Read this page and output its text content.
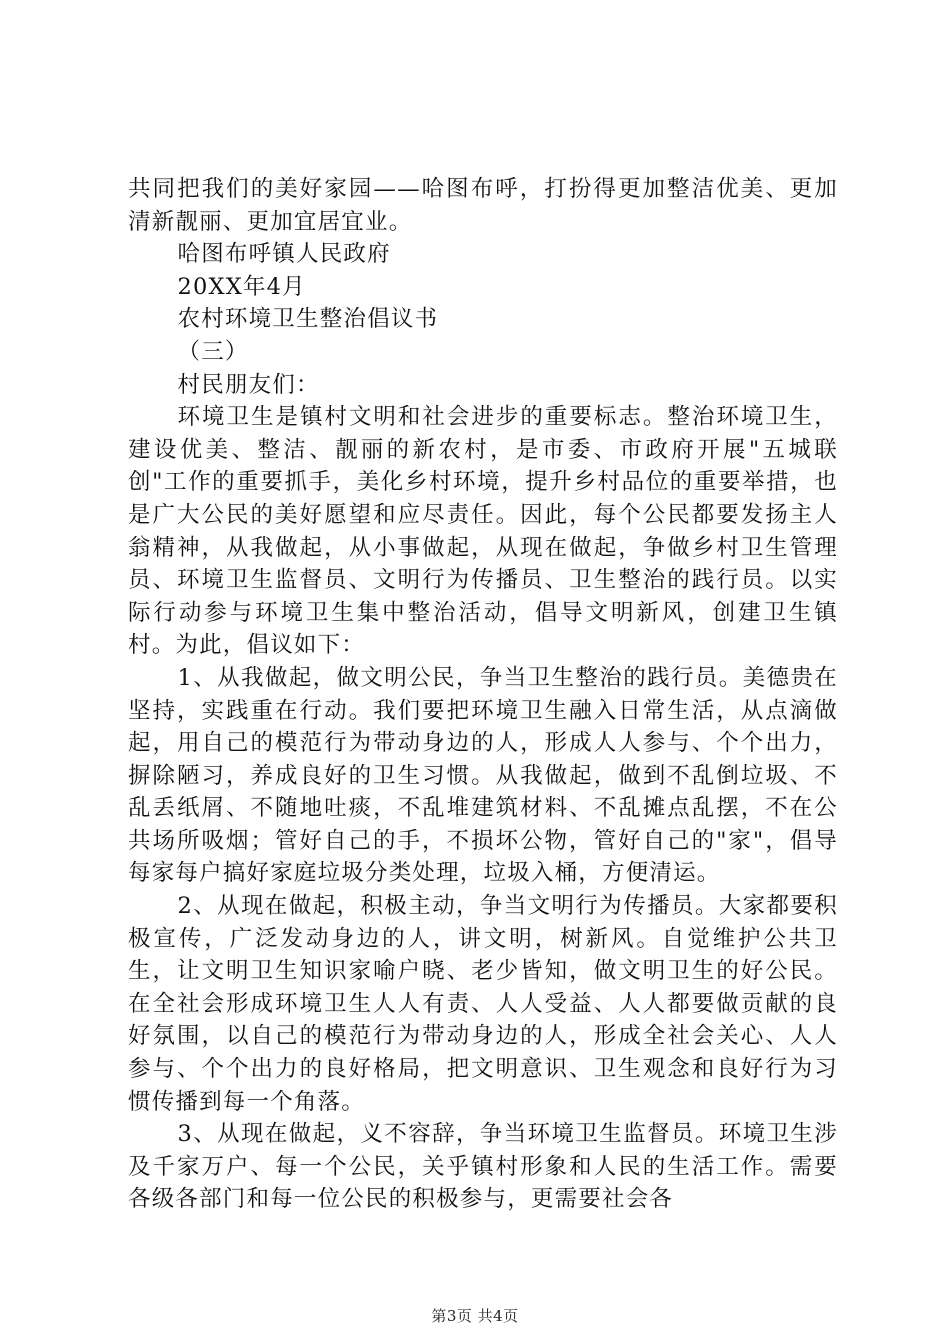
共同把我们的美好家园——哈图布呼，打扮得更加整洁优美、更加清新靓丽、更加宜居宜业。

哈图布呼镇人民政府

20XX年4月

农村环境卫生整治倡议书

（三）

村民朋友们：

环境卫生是镇村文明和社会进步的重要标志。整治环境卫生，建设优美、整洁、靓丽的新农村，是市委、市政府开展"五城联创"工作的重要抓手，美化乡村环境，提升乡村品位的重要举措，也是广大公民的美好愿望和应尽责任。因此，每个公民都要发扬主人翁精神，从我做起，从小事做起，从现在做起，争做乡村卫生管理员、环境卫生监督员、文明行为传播员、卫生整治的践行员。以实际行动参与环境卫生集中整治活动，倡导文明新风，创建卫生镇村。为此，倡议如下：

1、从我做起，做文明公民，争当卫生整治的践行员。美德贵在坚持，实践重在行动。我们要把环境卫生融入日常生活，从点滴做起，用自己的模范行为带动身边的人，形成人人参与、个个出力，摒除陋习，养成良好的卫生习惯。从我做起，做到不乱倒垃圾、不乱丢纸屑、不随地吐痰，不乱堆建筑材料、不乱摊点乱摆，不在公共场所吸烟；管好自己的手，不损坏公物，管好自己的"家"，倡导每家每户搞好家庭垃圾分类处理，垃圾入桶，方便清运。

2、从现在做起，积极主动，争当文明行为传播员。大家都要积极宣传，广泛发动身边的人，讲文明，树新风。自觉维护公共卫生，让文明卫生知识家喻户晓、老少皆知，做文明卫生的好公民。在全社会形成环境卫生人人有责、人人受益、人人都要做贡献的良好氛围，以自己的模范行为带动身边的人，形成全社会关心、人人参与、个个出力的良好格局，把文明意识、卫生观念和良好行为习惯传播到每一个角落。

3、从现在做起，义不容辞，争当环境卫生监督员。环境卫生涉及千家万户、每一个公民，关乎镇村形象和人民的生活工作。需要各级各部门和每一位公民的积极参与，更需要社会各

第3页 共4页
